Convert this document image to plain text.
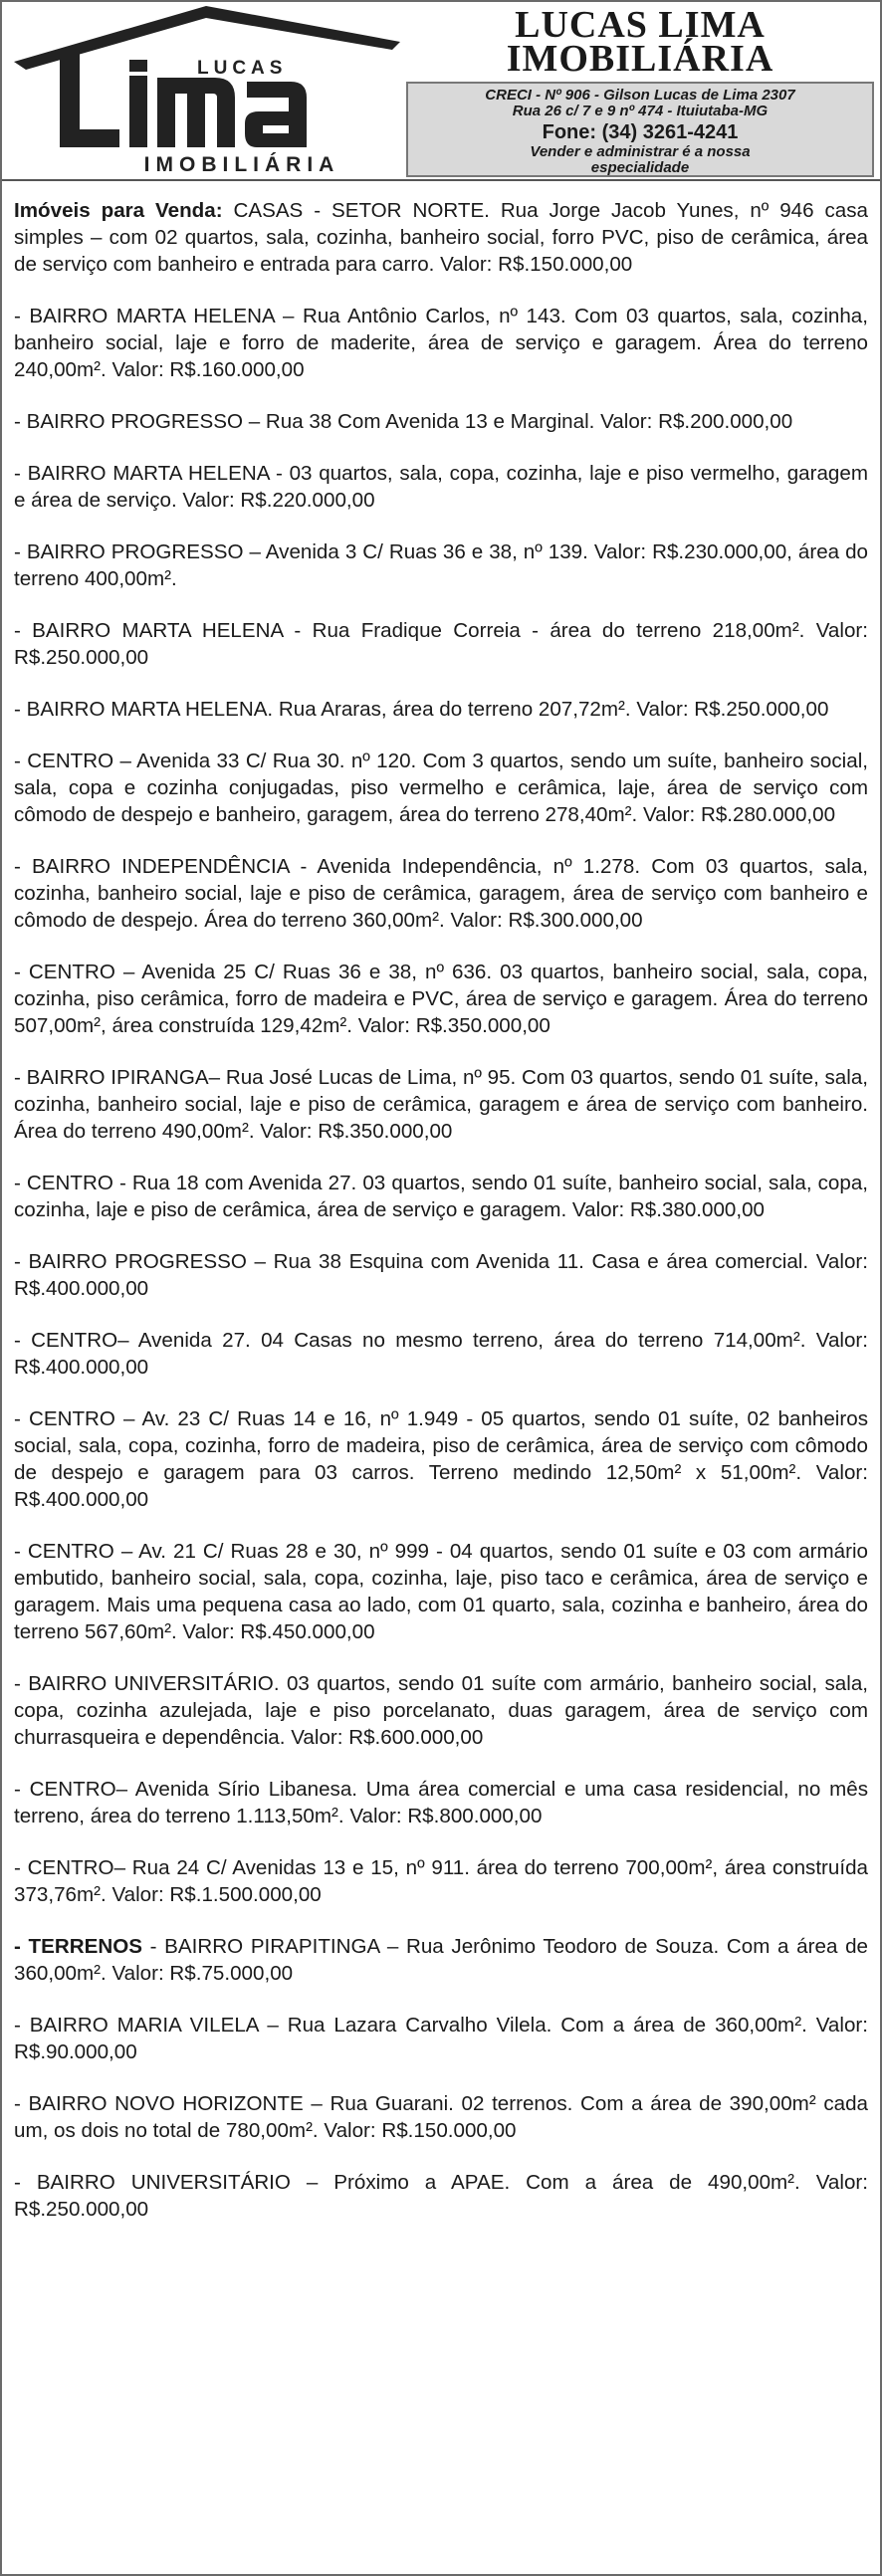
LUCAS
IMOBILIÁRIA
LUCAS LIMA
IMOBILIÁRIA
CRECI - Nº 906 - Gilson Lucas de Lima 2307
Rua 26 c/ 7 e 9 nº 474 - Ituiutaba-MG
Fone: (34) 3261-4241
Vender e administrar é a nossa
especialidade

Imóveis para Venda: CASAS - SETOR NORTE. Rua Jorge Jacob Yunes, nº 946 casa simples – com 02 quartos, sala, cozinha, banheiro social, forro PVC, piso de cerâmica, área de serviço com banheiro e entrada para carro. Valor: R$.150.000,00

- BAIRRO MARTA HELENA – Rua Antônio Carlos, nº 143. Com 03 quartos, sala, cozinha, banheiro social, laje e forro de maderite, área de serviço e garagem. Área do terreno 240,00m². Valor: R$.160.000,00

- BAIRRO PROGRESSO – Rua 38 Com Avenida 13 e Marginal. Valor: R$.200.000,00

- BAIRRO MARTA HELENA - 03 quartos, sala, copa, cozinha, laje e piso vermelho, garagem e área de serviço. Valor: R$.220.000,00

- BAIRRO PROGRESSO – Avenida 3 C/ Ruas 36 e 38, nº 139. Valor: R$.230.000,00, área do terreno 400,00m².

- BAIRRO MARTA HELENA - Rua Fradique Correia - área do terreno 218,00m². Valor: R$.250.000,00

- BAIRRO MARTA HELENA. Rua Araras, área do terreno 207,72m². Valor: R$.250.000,00

- CENTRO – Avenida 33 C/ Rua 30. nº 120. Com 3 quartos, sendo um suíte, banheiro social, sala, copa e cozinha conjugadas, piso vermelho e cerâmica, laje, área de serviço com cômodo de despejo e banheiro, garagem, área do terreno 278,40m². Valor: R$.280.000,00

- BAIRRO INDEPENDÊNCIA - Avenida Independência, nº 1.278. Com 03 quartos, sala, cozinha, banheiro social, laje e piso de cerâmica, garagem, área de serviço com banheiro e cômodo de despejo. Área do terreno 360,00m². Valor: R$.300.000,00

- CENTRO – Avenida 25 C/ Ruas 36 e 38, nº 636. 03 quartos, banheiro social, sala, copa, cozinha, piso cerâmica, forro de madeira e PVC, área de serviço e garagem. Área do terreno 507,00m², área construída 129,42m². Valor: R$.350.000,00

- BAIRRO IPIRANGA– Rua José Lucas de Lima, nº 95. Com 03 quartos, sendo 01 suíte, sala, cozinha, banheiro social, laje e piso de cerâmica, garagem e área de serviço com banheiro. Área do terreno 490,00m². Valor: R$.350.000,00

- CENTRO - Rua 18 com Avenida 27. 03 quartos, sendo 01 suíte, banheiro social, sala, copa, cozinha, laje e piso de cerâmica, área de serviço e garagem. Valor: R$.380.000,00

- BAIRRO PROGRESSO – Rua 38 Esquina com Avenida 11. Casa e área comercial. Valor: R$.400.000,00

- CENTRO– Avenida 27. 04 Casas no mesmo terreno, área do terreno 714,00m². Valor: R$.400.000,00

- CENTRO – Av. 23 C/ Ruas 14 e 16, nº 1.949 - 05 quartos, sendo 01 suíte, 02 banheiros social, sala, copa, cozinha, forro de madeira, piso de cerâmica, área de serviço com cômodo de despejo e garagem para 03 carros. Terreno medindo 12,50m² x 51,00m². Valor: R$.400.000,00

- CENTRO – Av. 21 C/ Ruas 28 e 30, nº 999 - 04 quartos, sendo 01 suíte e 03 com armário embutido, banheiro social, sala, copa, cozinha, laje, piso taco e cerâmica, área de serviço e garagem. Mais uma pequena casa ao lado, com 01 quarto, sala, cozinha e banheiro, área do terreno 567,60m². Valor: R$.450.000,00

- BAIRRO UNIVERSITÁRIO. 03 quartos, sendo 01 suíte com armário, banheiro social, sala, copa, cozinha azulejada, laje e piso porcelanato, duas garagem, área de serviço com churrasqueira e dependência. Valor: R$.600.000,00

- CENTRO– Avenida Sírio Libanesa. Uma área comercial e uma casa residencial, no mês terreno, área do terreno 1.113,50m². Valor: R$.800.000,00

- CENTRO– Rua 24 C/ Avenidas 13 e 15, nº 911. área do terreno 700,00m², área construída 373,76m². Valor: R$.1.500.000,00

- TERRENOS - BAIRRO PIRAPITINGA – Rua Jerônimo Teodoro de Souza. Com a área de 360,00m². Valor: R$.75.000,00

- BAIRRO MARIA VILELA – Rua Lazara Carvalho Vilela. Com a área de 360,00m². Valor: R$.90.000,00

- BAIRRO NOVO HORIZONTE – Rua Guarani. 02 terrenos. Com a área de 390,00m² cada um, os dois no total de 780,00m². Valor: R$.150.000,00

- BAIRRO UNIVERSITÁRIO – Próximo a APAE. Com a área de 490,00m². Valor: R$.250.000,00
